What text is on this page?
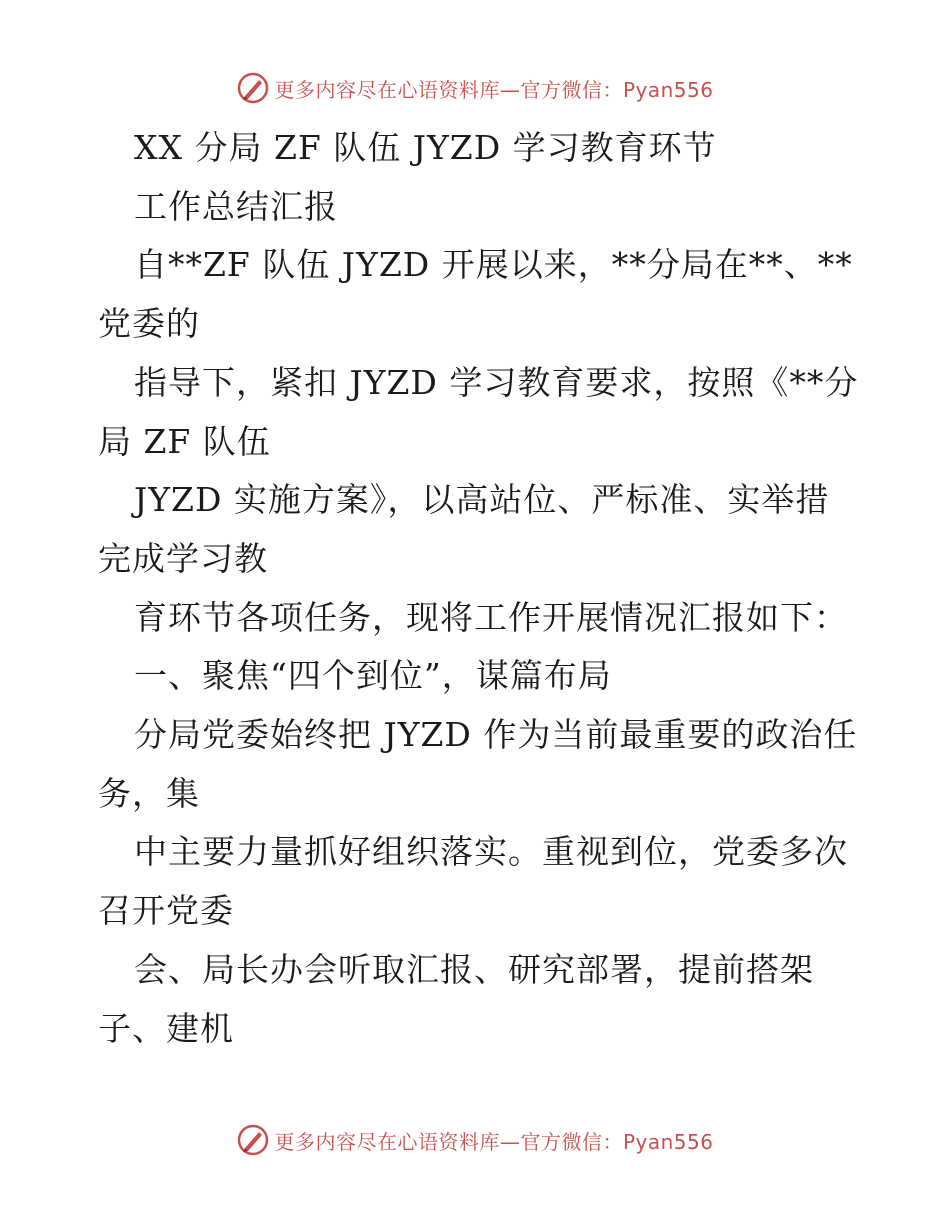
更多内容尽在心语资料库—官方微信：Pyan556
XX 分局 ZF 队伍 JYZD 学习教育环节
工作总结汇报
自**ZF 队伍 JYZD 开展以来，**分局在**、**
党委的
指导下，紧扣 JYZD 学习教育要求，按照《**分
局 ZF 队伍
JYZD 实施方案》，以高站位、严标准、实举措
完成学习教
育环节各项任务，现将工作开展情况汇报如下：
一、聚焦“四个到位”，谋篇布局
分局党委始终把 JYZD 作为当前最重要的政治任
务，集
中主要力量抓好组织落实。重视到位，党委多次
召开党委
会、局长办会听取汇报、研究部署，提前搭架
子、建机
更多内容尽在心语资料库—官方微信：Pyan556
